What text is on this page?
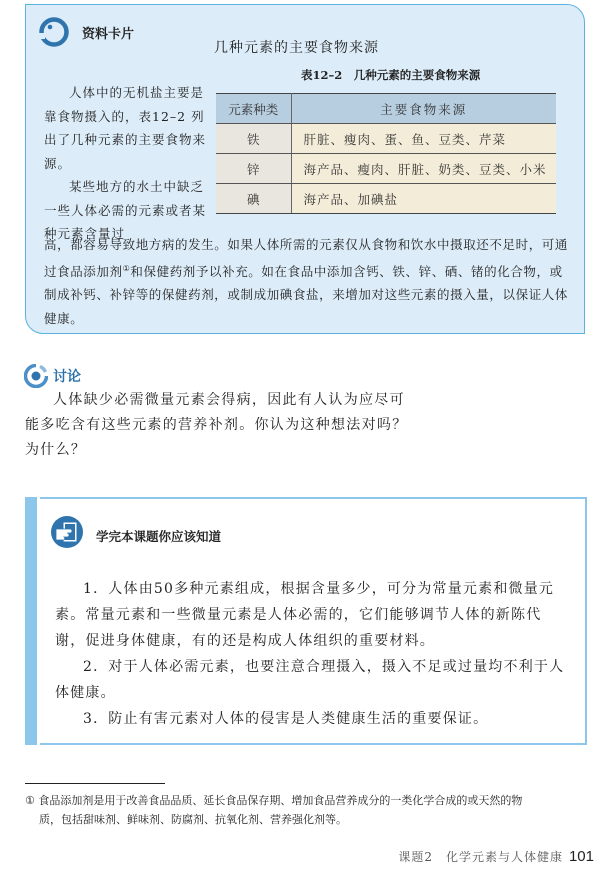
资料卡片
几种元素的主要食物来源
表12–2　几种元素的主要食物来源
元素种类	主要食物来源
铁	肝脏、瘦肉、蛋、鱼、豆类、芹菜
锌	海产品、瘦肉、肝脏、奶类、豆类、小米
碘	海产品、加碘盐

人体中的无机盐主要是靠食物摄入的，表12–2 列出了几种元素的主要食物来源。

某些地方的水土中缺乏一些人体必需的元素或者某种元素含量过

高，都容易导致地方病的发生。如果人体所需的元素仅从食物和饮水中摄取还不足时，可通过食品添加剂①和保健药剂予以补充。如在食品中添加含钙、铁、锌、硒、锗的化合物，或制成补钙、补锌等的保健药剂，或制成加碘食盐，来增加对这些元素的摄入量，以保证人体健康。
讨论
人体缺少必需微量元素会得病，因此有人认为应尽可
能多吃含有这些元素的营养补剂。你认为这种想法对吗？
为什么？
学完本课题你应该知道

1．人体由50多种元素组成，根据含量多少，可分为常量元素和微量元素。常量元素和一些微量元素是人体必需的，它们能够调节人体的新陈代谢，促进身体健康，有的还是构成人体组织的重要材料。

2．对于人体必需元素，也要注意合理摄入，摄入不足或过量均不利于人体健康。

3．防止有害元素对人体的侵害是人类健康生活的重要保证。

① 食品添加剂是用于改善食品品质、延长食品保存期、增加食品营养成分的一类化学合成的或天然的物
质，包括甜味剂、鲜味剂、防腐剂、抗氧化剂、营养强化剂等。
课题2　化学元素与人体健康 101
